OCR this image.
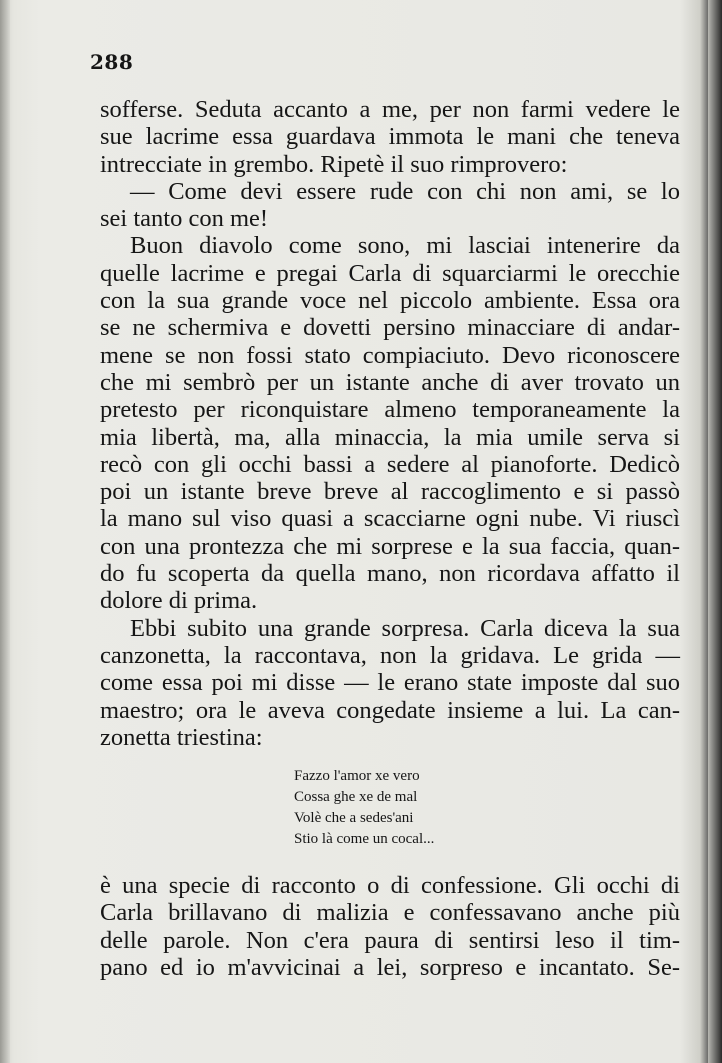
288
sofferse. Seduta accanto a me, per non farmi vedere le
sue lacrime essa guardava immota le mani che teneva
intrecciate in grembo. Ripetè il suo rimprovero:
— Come devi essere rude con chi non ami, se lo
sei tanto con me!
Buon diavolo come sono, mi lasciai intenerire da
quelle lacrime e pregai Carla di squarciarmi le orecchie
con la sua grande voce nel piccolo ambiente. Essa ora
se ne schermiva e dovetti persino minacciare di andar-
mene se non fossi stato compiaciuto. Devo riconoscere
che mi sembrò per un istante anche di aver trovato un
pretesto per riconquistare almeno temporaneamente la
mia libertà, ma, alla minaccia, la mia umile serva si
recò con gli occhi bassi a sedere al pianoforte. Dedicò
poi un istante breve breve al raccoglimento e si passò
la mano sul viso quasi a scacciarne ogni nube. Vi riuscì
con una prontezza che mi sorprese e la sua faccia, quan-
do fu scoperta da quella mano, non ricordava affatto il
dolore di prima.
Ebbi subito una grande sorpresa. Carla diceva la sua
canzonetta, la raccontava, non la gridava. Le grida —
come essa poi mi disse — le erano state imposte dal suo
maestro; ora le aveva congedate insieme a lui. La can-
zonetta triestina:
Fazzo l'amor xe vero
Cossa ghe xe de mal
Volè che a sedes'ani
Stio là come un cocal...
è una specie di racconto o di confessione. Gli occhi di
Carla brillavano di malizia e confessavano anche più
delle parole. Non c'era paura di sentirsi leso il tim-
pano ed io m'avvicinai a lei, sorpreso e incantato. Se-
